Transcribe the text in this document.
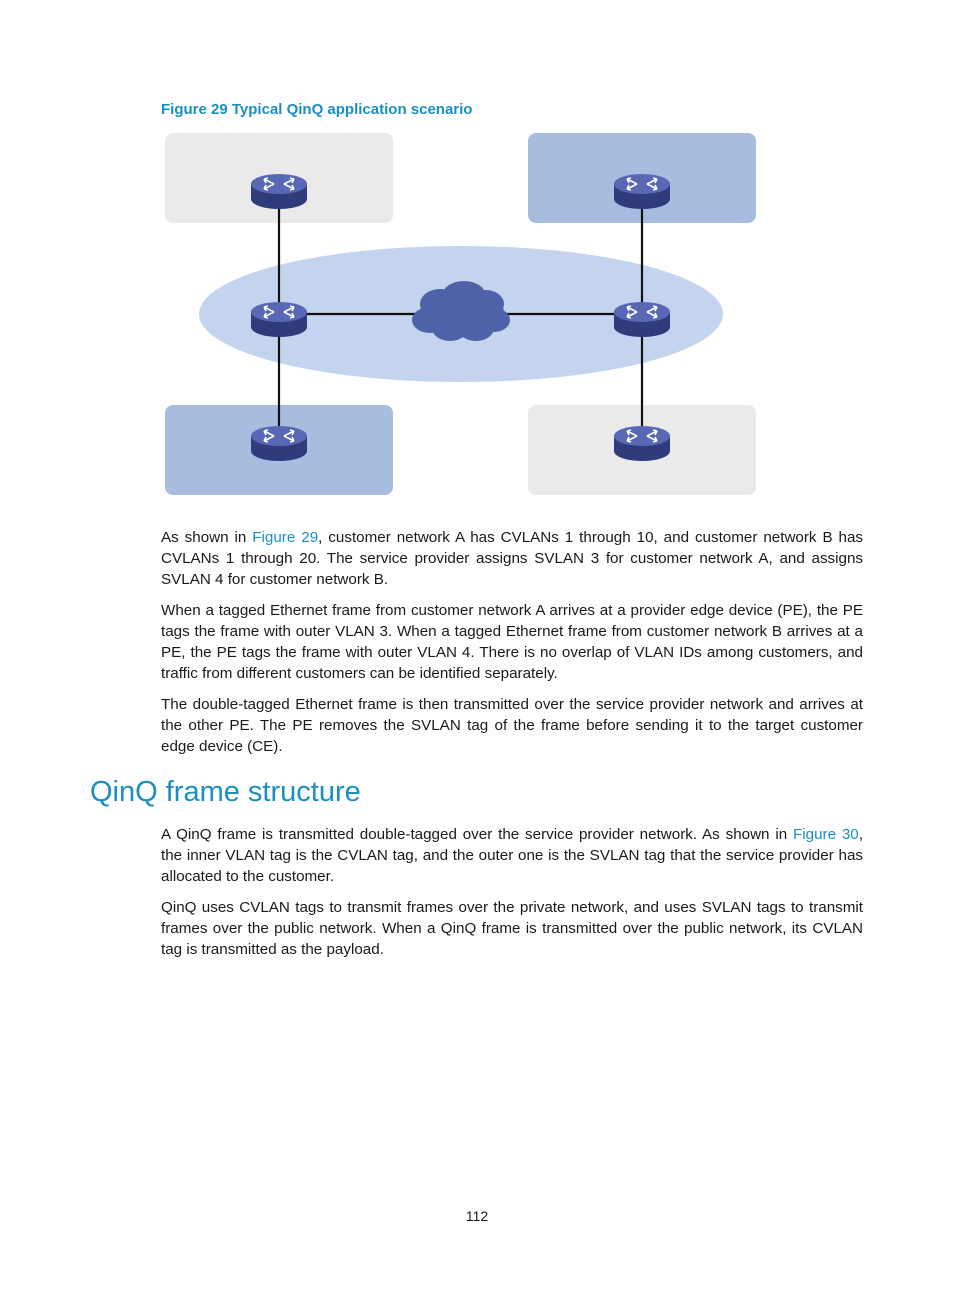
Figure 29 Typical QinQ application scenario

As shown in Figure 29, customer network A has CVLANs 1 through 10, and customer network B has CVLANs 1 through 20. The service provider assigns SVLAN 3 for customer network A, and assigns SVLAN 4 for customer network B.

When a tagged Ethernet frame from customer network A arrives at a provider edge device (PE), the PE tags the frame with outer VLAN 3. When a tagged Ethernet frame from customer network B arrives at a PE, the PE tags the frame with outer VLAN 4. There is no overlap of VLAN IDs among customers, and traffic from different customers can be identified separately.

The double-tagged Ethernet frame is then transmitted over the service provider network and arrives at the other PE. The PE removes the SVLAN tag of the frame before sending it to the target customer edge device (CE).

QinQ frame structure

A QinQ frame is transmitted double-tagged over the service provider network. As shown in Figure 30, the inner VLAN tag is the CVLAN tag, and the outer one is the SVLAN tag that the service provider has allocated to the customer.

QinQ uses CVLAN tags to transmit frames over the private network, and uses SVLAN tags to transmit frames over the public network. When a QinQ frame is transmitted over the public network, its CVLAN tag is transmitted as the payload.

112
